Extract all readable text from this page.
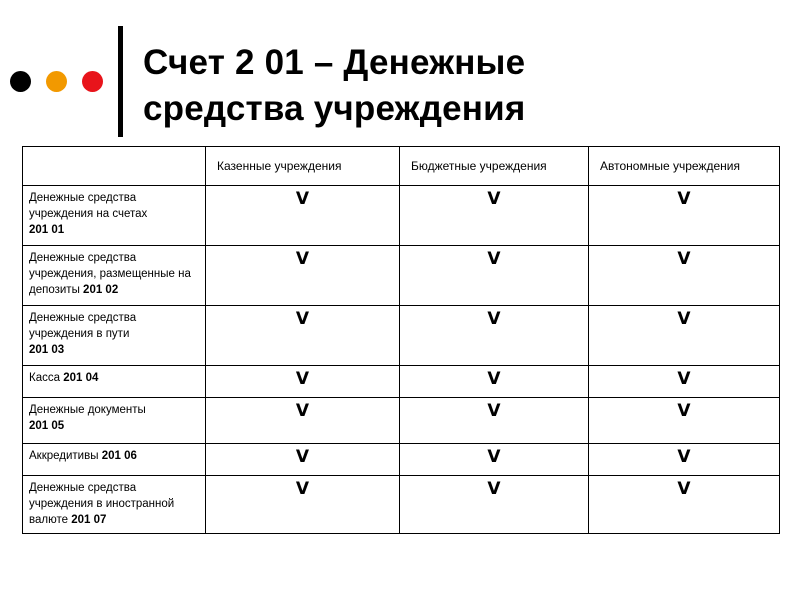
Счет 2 01 – Денежные
средства учреждения
	Казенные учреждения	Бюджетные учреждения	Автономные учреждения
Денежные средства учреждения на счетах
201 01	V	V	V
Денежные средства учреждения, размещенные на депозиты 201 02	V	V	V
Денежные средства учреждения в пути
201 03	V	V	V
Касса 201 04	V	V	V
Денежные документы
201 05	V	V	V
Аккредитивы 201 06	V	V	V
Денежные средства учреждения в иностранной валюте 201 07	V	V	V
